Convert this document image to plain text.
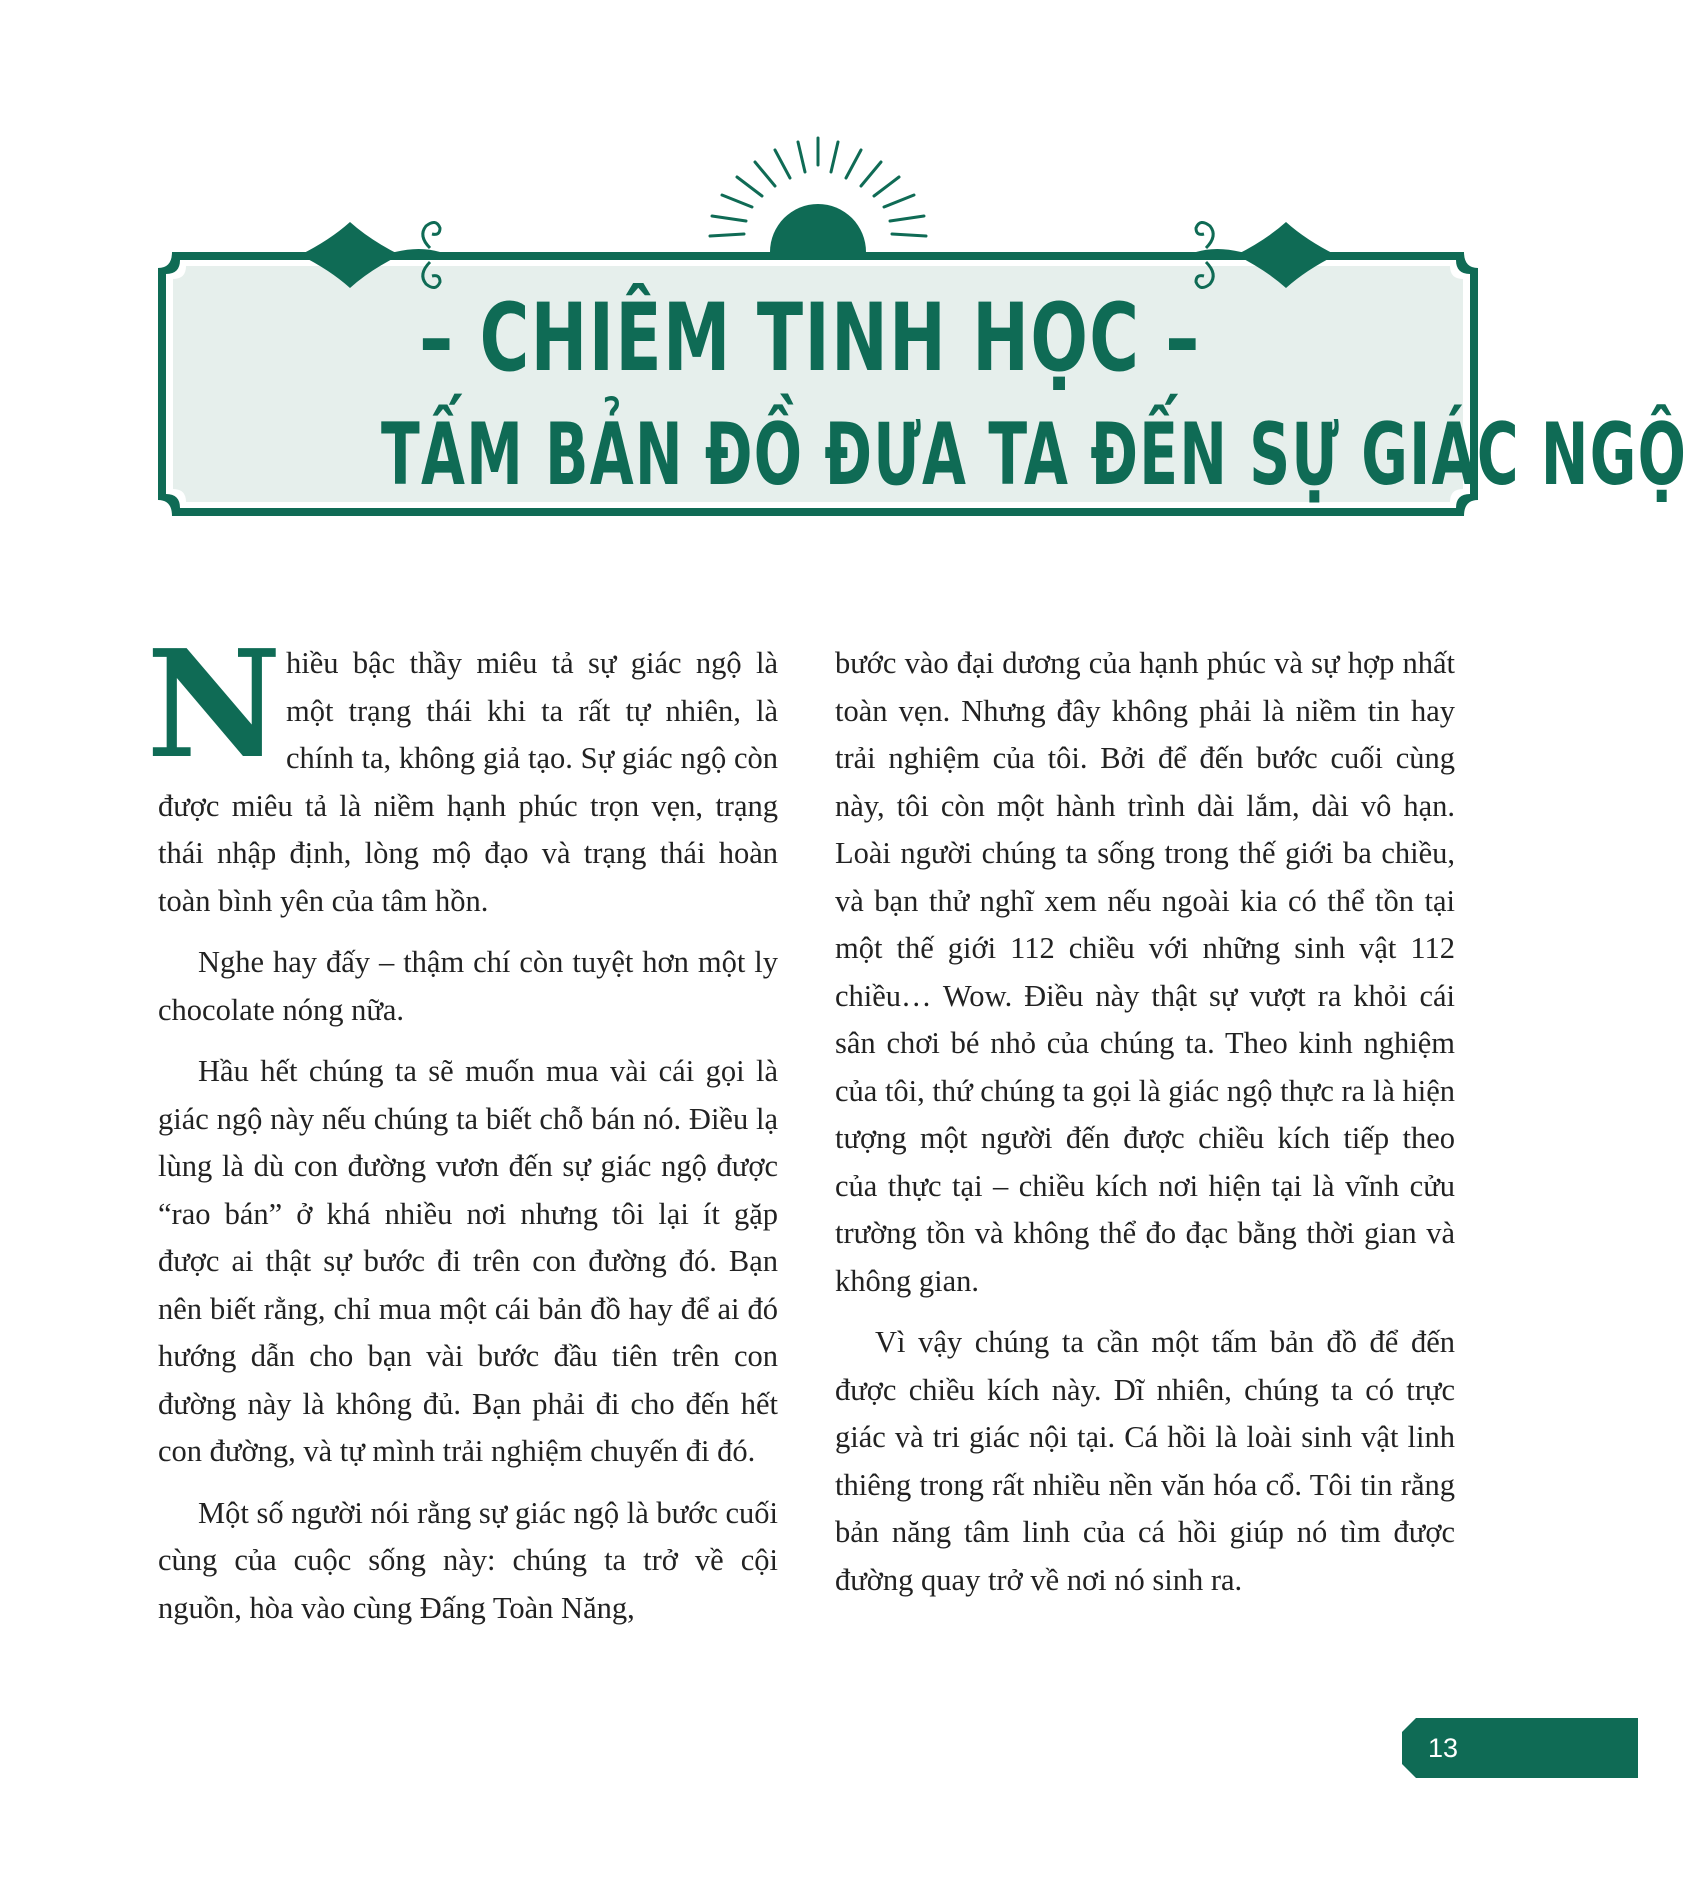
– CHIÊM TINH HỌC –
TẤM BẢN ĐỒ ĐƯA TA ĐẾN SỰ GIÁC NGỘ
N hiều bậc thầy miêu tả sự giác ngộ là một trạng thái khi ta rất tự nhiên, là chính ta, không giả tạo. Sự giác ngộ còn được miêu tả là niềm hạnh phúc trọn vẹn, trạng thái nhập định, lòng mộ đạo và trạng thái hoàn toàn bình yên của tâm hồn.

Nghe hay đấy – thậm chí còn tuyệt hơn một ly chocolate nóng nữa.

Hầu hết chúng ta sẽ muốn mua vài cái gọi là giác ngộ này nếu chúng ta biết chỗ bán nó. Điều lạ lùng là dù con đường vươn đến sự giác ngộ được “rao bán” ở khá nhiều nơi nhưng tôi lại ít gặp được ai thật sự bước đi trên con đường đó. Bạn nên biết rằng, chỉ mua một cái bản đồ hay để ai đó hướng dẫn cho bạn vài bước đầu tiên trên con đường này là không đủ. Bạn phải đi cho đến hết con đường, và tự mình trải nghiệm chuyến đi đó.

Một số người nói rằng sự giác ngộ là bước cuối cùng của cuộc sống này: chúng ta trở về cội nguồn, hòa vào cùng Đấng Toàn Năng,

bước vào đại dương của hạnh phúc và sự hợp nhất toàn vẹn. Nhưng đây không phải là niềm tin hay trải nghiệm của tôi. Bởi để đến bước cuối cùng này, tôi còn một hành trình dài lắm, dài vô hạn. Loài người chúng ta sống trong thế giới ba chiều, và bạn thử nghĩ xem nếu ngoài kia có thể tồn tại một thế giới 112 chiều với những sinh vật 112 chiều… Wow. Điều này thật sự vượt ra khỏi cái sân chơi bé nhỏ của chúng ta. Theo kinh nghiệm của tôi, thứ chúng ta gọi là giác ngộ thực ra là hiện tượng một người đến được chiều kích tiếp theo của thực tại – chiều kích nơi hiện tại là vĩnh cửu trường tồn và không thể đo đạc bằng thời gian và không gian.

Vì vậy chúng ta cần một tấm bản đồ để đến được chiều kích này. Dĩ nhiên, chúng ta có trực giác và tri giác nội tại. Cá hồi là loài sinh vật linh thiêng trong rất nhiều nền văn hóa cổ. Tôi tin rằng bản năng tâm linh của cá hồi giúp nó tìm được đường quay trở về nơi nó sinh ra.

13
